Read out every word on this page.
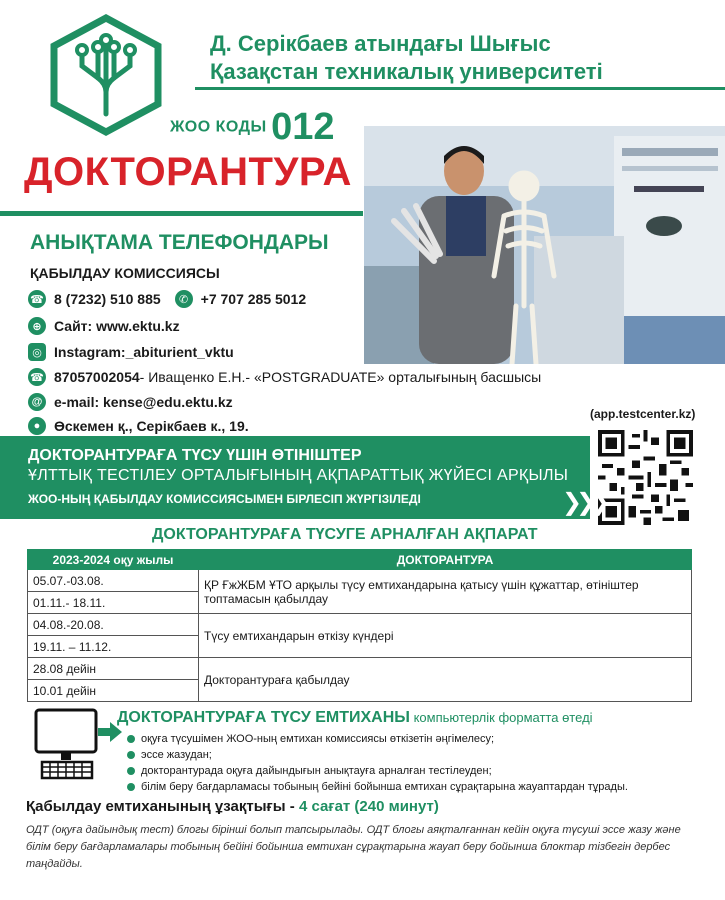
Д. Серікбаев атындағы Шығыс
Қазақстан техникалық университеті
ЖОО КОДЫ 012
ДОКТОРАНТУРА
АНЫҚТАМА ТЕЛЕФОНДАРЫ
ҚАБЫЛДАУ КОМИССИЯСЫ
☎ 8 (7232) 510 885	✆ +7 707 285 5012
⊕ Сайт: www.ektu.kz
◎ Instagram:_abiturient_vktu
☎ 87057002054 - Иващенко Е.Н.- «POSTGRADUATE» орталығының басшысы
@ e-mail: kense@edu.ektu.kz
● Өскемен қ., Серікбаев к., 19.
(app.testcenter.kz)
ДОКТОРАНТУРАҒА ТҮСУ ҮШІН ӨТІНІШТЕР
ҰЛТТЫҚ ТЕСТІЛЕУ ОРТАЛЫҒЫНЫҢ АҚПАРАТТЫҚ ЖҮЙЕСІ АРҚЫЛЫ
ЖОО-НЫҢ ҚАБЫЛДАУ КОМИССИЯСЫМЕН БІРЛЕСІП ЖҮРГІЗІЛЕДІ	❯❯❯
ДОКТОРАНТУРАҒА ТҮСУГЕ АРНАЛҒАН АҚПАРАТ
2023-2024 оқу жылы	ДОКТОРАНТУРА
05.07.-03.08.	ҚР ҒжЖБМ ҰТО арқылы түсу емтихандарына қатысу үшін құжаттар, өтініштер топтамасын қабылдау
01.11.- 18.11.	
04.08.-20.08.	Түсу емтихандарын өткізу күндері
19.11. – 11.12.	
28.08 дейін	Докторантураға қабылдау
10.01 дейін	
ДОКТОРАНТУРАҒА ТҮСУ ЕМТИХАНЫ компьютерлік форматта өтеді
оқуға түсушімен ЖОО-ның емтихан комиссиясы өткізетін әңгімелесу;
эссе жазудан;
докторантурада оқуға дайындығын анықтауға арналған тестілеуден;
білім беру бағдарламасы тобының бейіні бойынша емтихан сұрақтарына жауаптардан тұрады.
Қабылдау емтиханының ұзақтығы - 4 сағат (240 минут)
ОДТ (оқуға дайындық тест) блогы бірінші болып тапсырылады. ОДТ блогы аяқталғаннан кейін оқуға түсуші эссе жазу және білім беру бағдарламалары тобының бейіні бойынша емтихан сұрақтарына жауап беру бойынша блоктар тізбегін дербес таңдайды.
